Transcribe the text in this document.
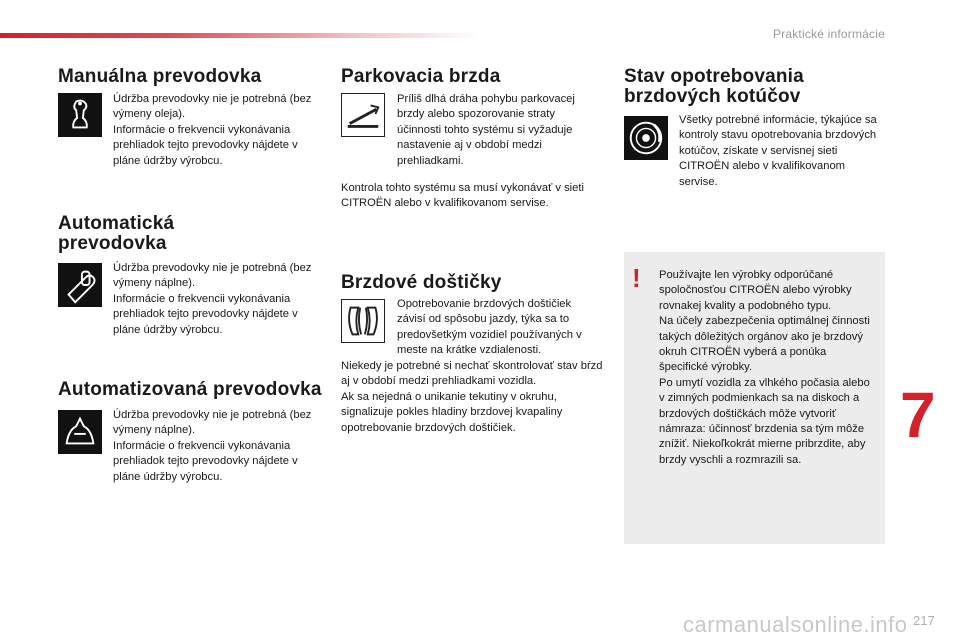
Praktické informácie
Manuálna prevodovka

Údržba prevodovky nie je potrebná (bez výmeny oleja).
Informácie o frekvencii vykonávania prehliadok tejto prevodovky nájdete v pláne údržby výrobcu.

Automatická
prevodovka

Údržba prevodovky nie je potrebná (bez výmeny náplne).
Informácie o frekvencii vykonávania prehliadok tejto prevodovky nájdete v pláne údržby výrobcu.

Automatizovaná prevodovka

Údržba prevodovky nie je potrebná (bez výmeny náplne).
Informácie o frekvencii vykonávania prehliadok tejto prevodovky nájdete v pláne údržby výrobcu.

Parkovacia brzda

Príliš dlhá dráha pohybu parkovacej brzdy alebo spozorovanie straty účinnosti tohto systému si vyžaduje nastavenie aj v období medzi prehliadkami.

Kontrola tohto systému sa musí vykonávať v sieti CITROËN alebo v kvalifikovanom servise.

Brzdové doštičky

Opotrebovanie brzdových doštičiek závisí od spôsobu jazdy, týka sa to predovšetkým vozidiel používaných v meste na krátke vzdialenosti.

Niekedy je potrebné si nechať skontrolovať stav bŕzd aj v období medzi prehliadkami vozidla.
Ak sa nejedná o unikanie tekutiny v okruhu, signalizuje pokles hladiny brzdovej kvapaliny opotrebovanie brzdových doštičiek.

Stav opotrebovania
brzdových kotúčov

Všetky potrebné informácie, týkajúce sa kontroly stavu opotrebovania brzdových kotúčov, získate v servisnej sieti CITROËN alebo v kvalifikovanom servise.

! Používajte len výrobky odporúčané spoločnosťou CITROËN alebo výrobky rovnakej kvality a podobného typu.
Na účely zabezpečenia optimálnej činnosti takých dôležitých orgánov ako je brzdový okruh CITROËN vyberá a ponúka špecifické výrobky.
Po umytí vozidla za vlhkého počasia alebo v zimných podmienkach sa na diskoch a brzdových doštičkách môže vytvoriť námraza: účinnosť brzdenia sa tým môže znížiť. Niekoľkokrát mierne pribrzdite, aby brzdy vyschli a rozmrazili sa.

7
carmanualsonline.info 217
